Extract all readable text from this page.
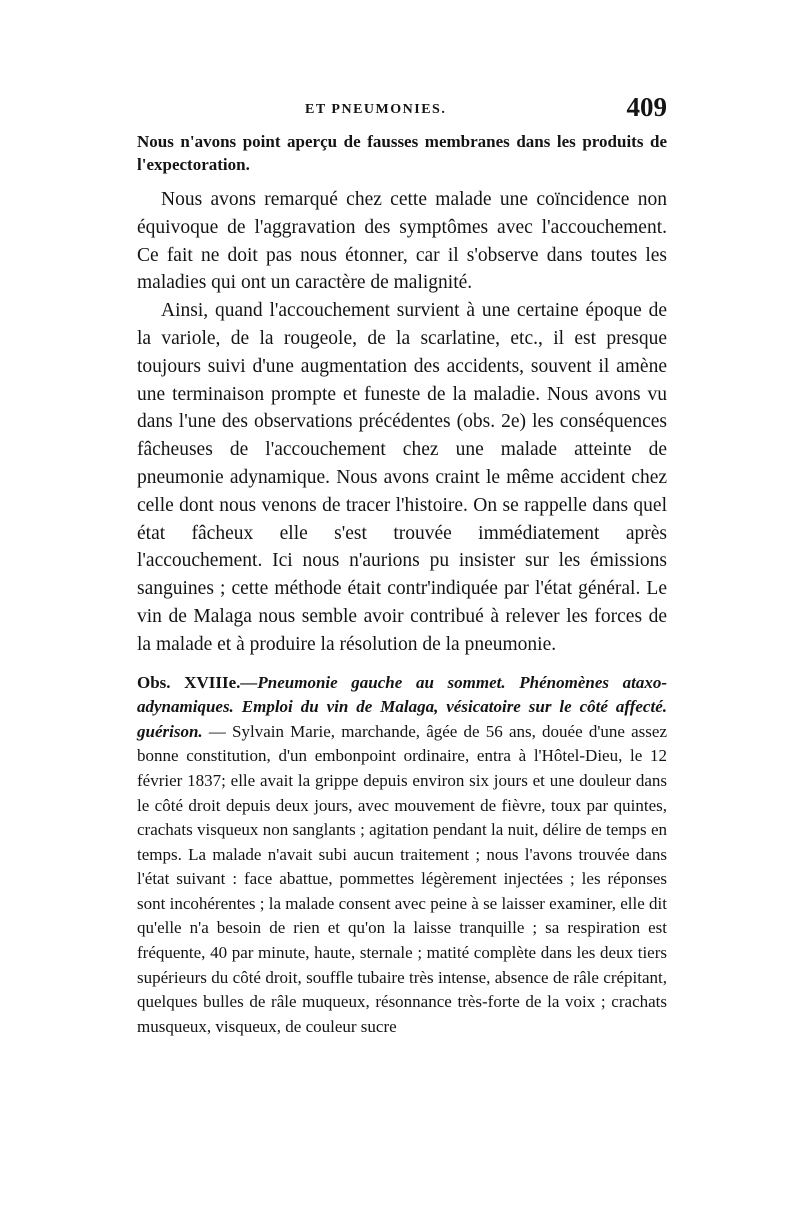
ET PNEUMONIES.	409

Nous n'avons point aperçu de fausses membranes dans les produits de l'expectoration.

Nous avons remarqué chez cette malade une coïncidence non équivoque de l'aggravation des symptômes avec l'accouchement. Ce fait ne doit pas nous étonner, car il s'observe dans toutes les maladies qui ont un caractère de malignité.

Ainsi, quand l'accouchement survient à une certaine époque de la variole, de la rougeole, de la scarlatine, etc., il est presque toujours suivi d'une augmentation des accidents, souvent il amène une terminaison prompte et funeste de la maladie. Nous avons vu dans l'une des observations précédentes (obs. 2e) les conséquences fâcheuses de l'accouchement chez une malade atteinte de pneumonie adynamique. Nous avons craint le même accident chez celle dont nous venons de tracer l'histoire. On se rappelle dans quel état fâcheux elle s'est trouvée immédiatement après l'accouchement. Ici nous n'aurions pu insister sur les émissions sanguines ; cette méthode était contr'indiquée par l'état général. Le vin de Malaga nous semble avoir contribué à relever les forces de la malade et à produire la résolution de la pneumonie.

Obs. XVIIIe.—Pneumonie gauche au sommet. Phénomènes ataxo-adynamiques. Emploi du vin de Malaga, vésicatoire sur le côté affecté. guérison. — Sylvain Marie, marchande, âgée de 56 ans, douée d'une assez bonne constitution, d'un embonpoint ordinaire, entra à l'Hôtel-Dieu, le 12 février 1837; elle avait la grippe depuis environ six jours et une douleur dans le côté droit depuis deux jours, avec mouvement de fièvre, toux par quintes, crachats visqueux non sanglants ; agitation pendant la nuit, délire de temps en temps. La malade n'avait subi aucun traitement ; nous l'avons trouvée dans l'état suivant : face abattue, pommettes légèrement injectées ; les réponses sont incohérentes ; la malade consent avec peine à se laisser examiner, elle dit qu'elle n'a besoin de rien et qu'on la laisse tranquille ; sa respiration est fréquente, 40 par minute, haute, sternale ; matité complète dans les deux tiers supérieurs du côté droit, souffle tubaire très intense, absence de râle crépitant, quelques bulles de râle muqueux, résonnance très-forte de la voix ; crachats musqueux, visqueux, de couleur sucre
